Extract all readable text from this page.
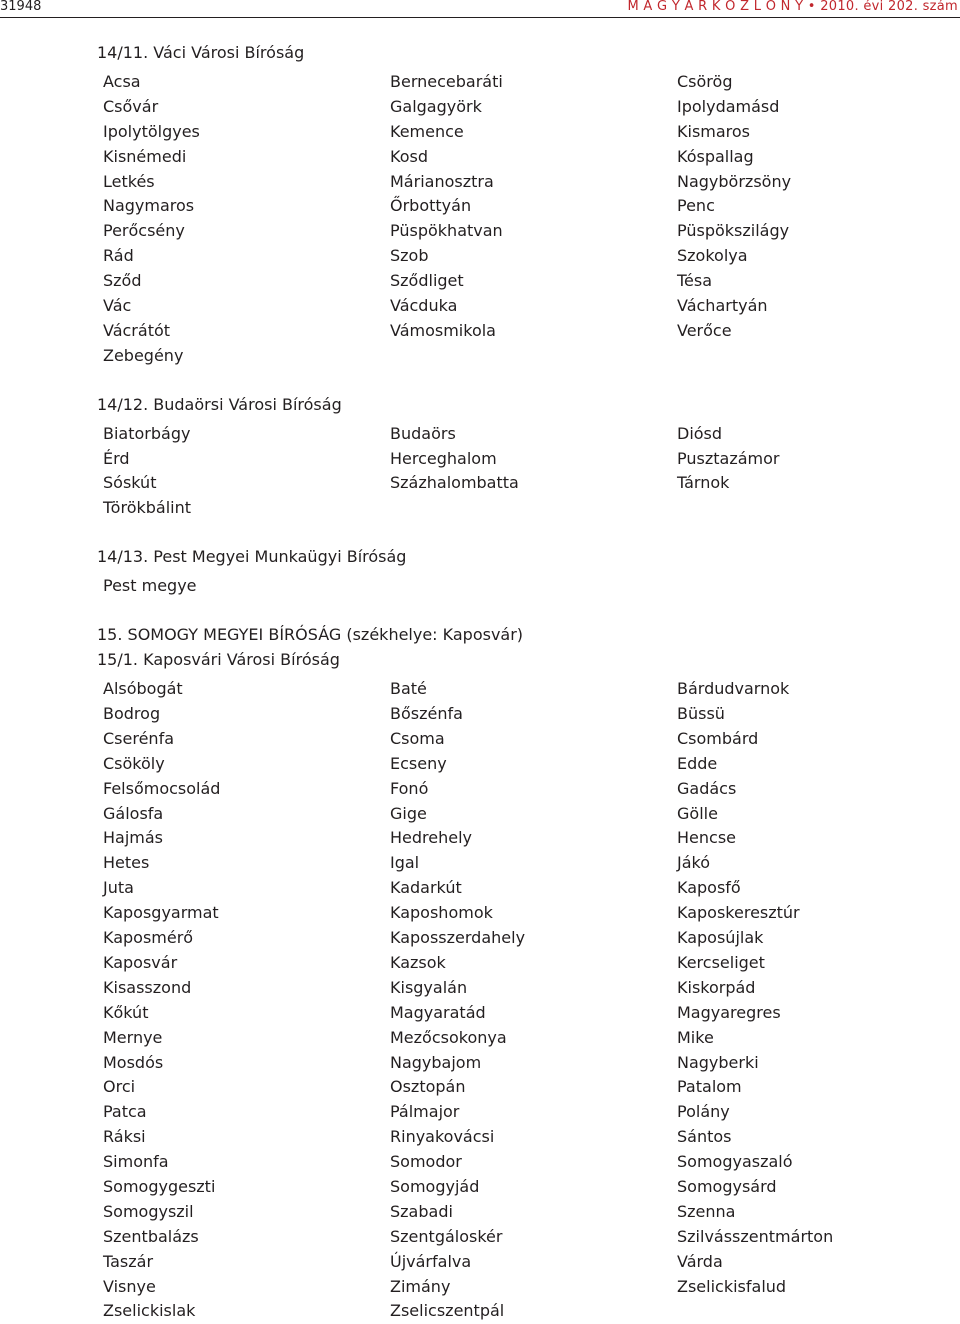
31948	M A G Y A R K Ö Z L Ö N Y • 2010. évi 202. szám
14/11. Váci Városi Bíróság
Acsa	Bernecebaráti	Csörög
Csővár	Galgagyörk	Ipolydamásd
Ipolytölgyes	Kemence	Kismaros
Kisnémedi	Kosd	Kóspallag
Letkés	Márianosztra	Nagybörzsöny
Nagymaros	Őrbottyán	Penc
Perőcsény	Püspökhatvan	Püspökszilágy
Rád	Szob	Szokolya
Sződ	Sződliget	Tésa
Vác	Vácduka	Váchartyán
Vácrátót	Vámosmikola	Verőce
Zebegény
14/12. Budaörsi Városi Bíróság
Biatorbágy	Budaörs	Diósd
Érd	Herceghalom	Pusztazámor
Sóskút	Százhalombatta	Tárnok
Törökbálint
14/13. Pest Megyei Munkaügyi Bíróság
Pest megye
15. SOMOGY MEGYEI BÍRÓSÁG (székhelye: Kaposvár)
15/1. Kaposvári Városi Bíróság
Alsóbogát	Baté	Bárdudvarnok
Bodrog	Bőszénfa	Büssü
Cserénfa	Csoma	Csombárd
Csököly	Ecseny	Edde
Felsőmocsolád	Fonó	Gadács
Gálosfa	Gige	Gölle
Hajmás	Hedrehely	Hencse
Hetes	Igal	Jákó
Juta	Kadarkút	Kaposfő
Kaposgyarmat	Kaposhomok	Kaposkeresztúr
Kaposmérő	Kaposszerdahely	Kaposújlak
Kaposvár	Kazsok	Kercseliget
Kisasszond	Kisgyalán	Kiskorpád
Kőkút	Magyaratád	Magyaregres
Mernye	Mezőcsokonya	Mike
Mosdós	Nagybajom	Nagyberki
Orci	Osztopán	Patalom
Patca	Pálmajor	Polány
Ráksi	Rinyakovácsi	Sántos
Simonfa	Somodor	Somogyaszaló
Somogygeszti	Somogyjád	Somogysárd
Somogyszil	Szabadi	Szenna
Szentbalázs	Szentgáloskér	Szilvásszentmárton
Taszár	Újvárfalva	Várda
Visnye	Zimány	Zselickisfalud
Zselickislak	Zselicszentpál
